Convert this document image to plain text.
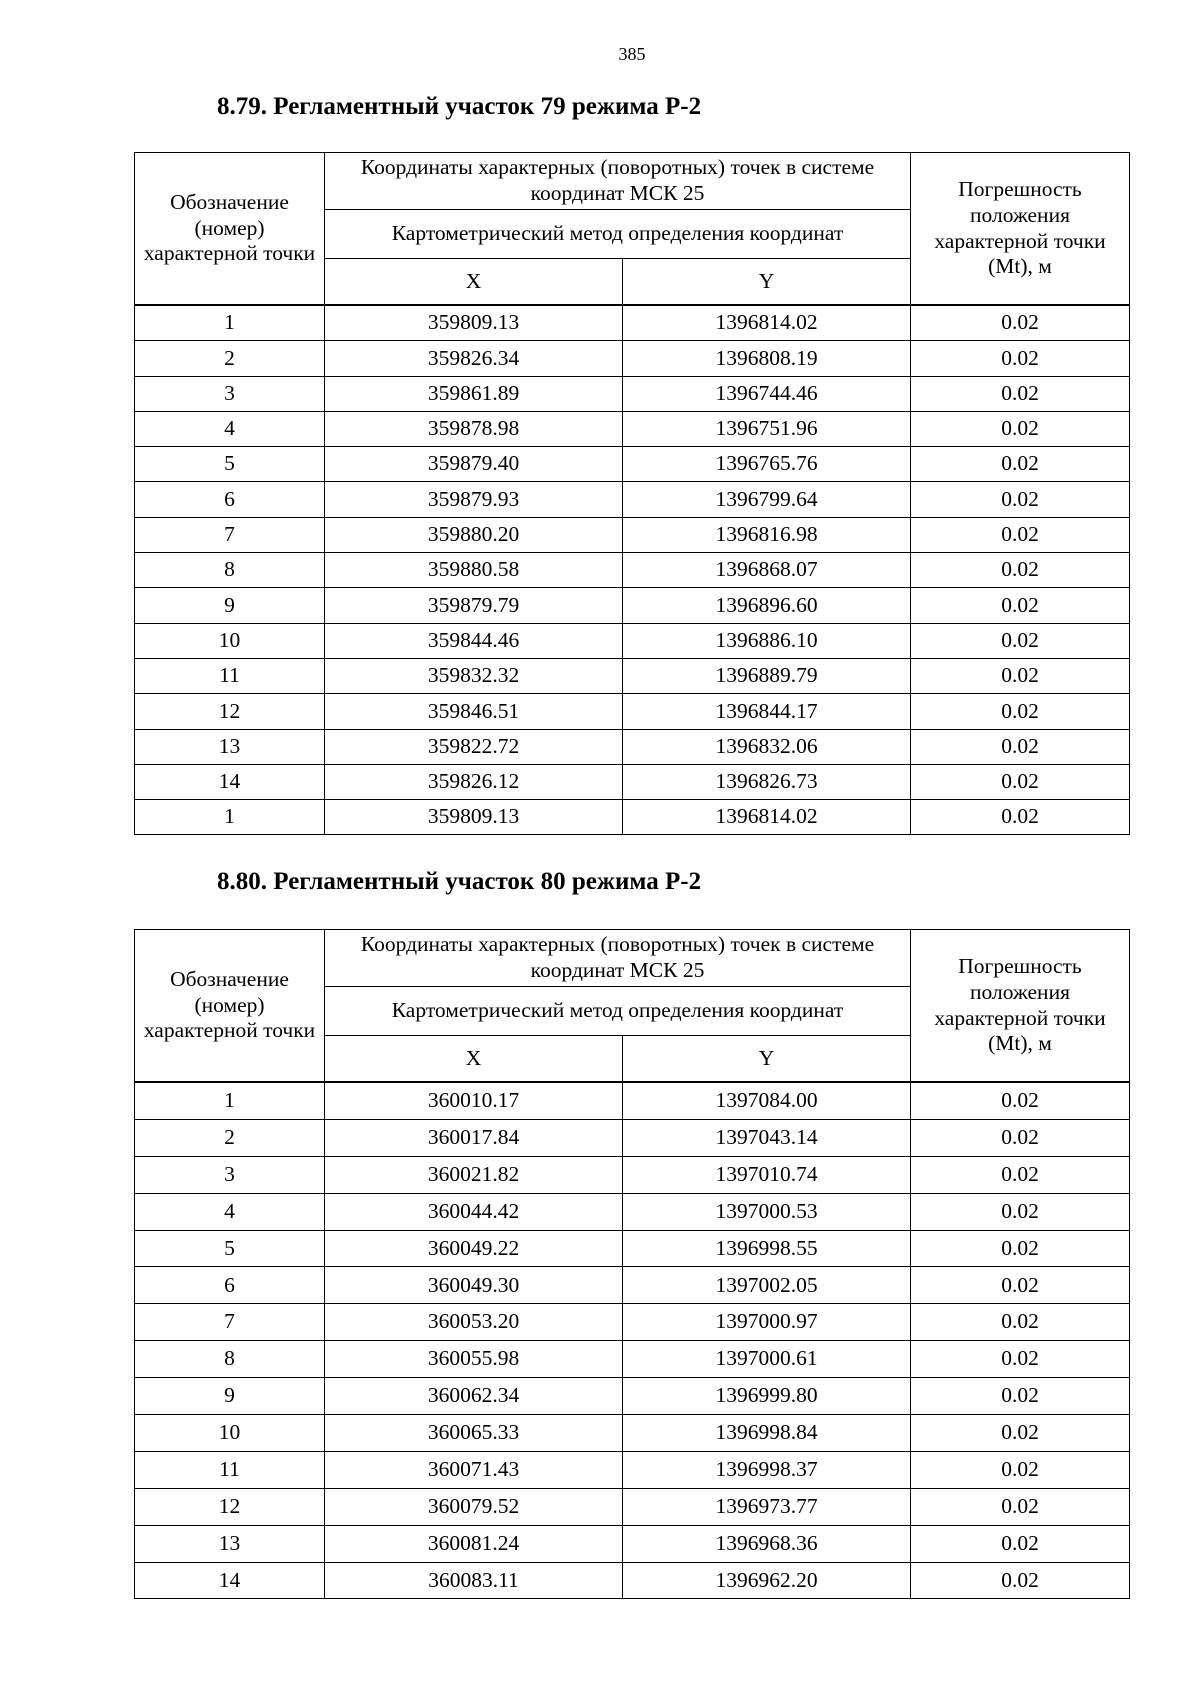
385
8.79. Регламентный участок 79 режима Р-2
Обозначение (номер) характерной точки	Координаты характерных (поворотных) точек в системе координат МСК 25		Погрешность положения характерной точки (Mt), м
	Картометрический метод определения координат		
	X	Y	
1	359809.13	1396814.02	0.02
2	359826.34	1396808.19	0.02
3	359861.89	1396744.46	0.02
4	359878.98	1396751.96	0.02
5	359879.40	1396765.76	0.02
6	359879.93	1396799.64	0.02
7	359880.20	1396816.98	0.02
8	359880.58	1396868.07	0.02
9	359879.79	1396896.60	0.02
10	359844.46	1396886.10	0.02
11	359832.32	1396889.79	0.02
12	359846.51	1396844.17	0.02
13	359822.72	1396832.06	0.02
14	359826.12	1396826.73	0.02
1	359809.13	1396814.02	0.02
8.80. Регламентный участок 80 режима Р-2
Обозначение (номер) характерной точки	Координаты характерных (поворотных) точек в системе координат МСК 25		Погрешность положения характерной точки (Mt), м
	Картометрический метод определения координат		
	X	Y	
1	360010.17	1397084.00	0.02
2	360017.84	1397043.14	0.02
3	360021.82	1397010.74	0.02
4	360044.42	1397000.53	0.02
5	360049.22	1396998.55	0.02
6	360049.30	1397002.05	0.02
7	360053.20	1397000.97	0.02
8	360055.98	1397000.61	0.02
9	360062.34	1396999.80	0.02
10	360065.33	1396998.84	0.02
11	360071.43	1396998.37	0.02
12	360079.52	1396973.77	0.02
13	360081.24	1396968.36	0.02
14	360083.11	1396962.20	0.02
